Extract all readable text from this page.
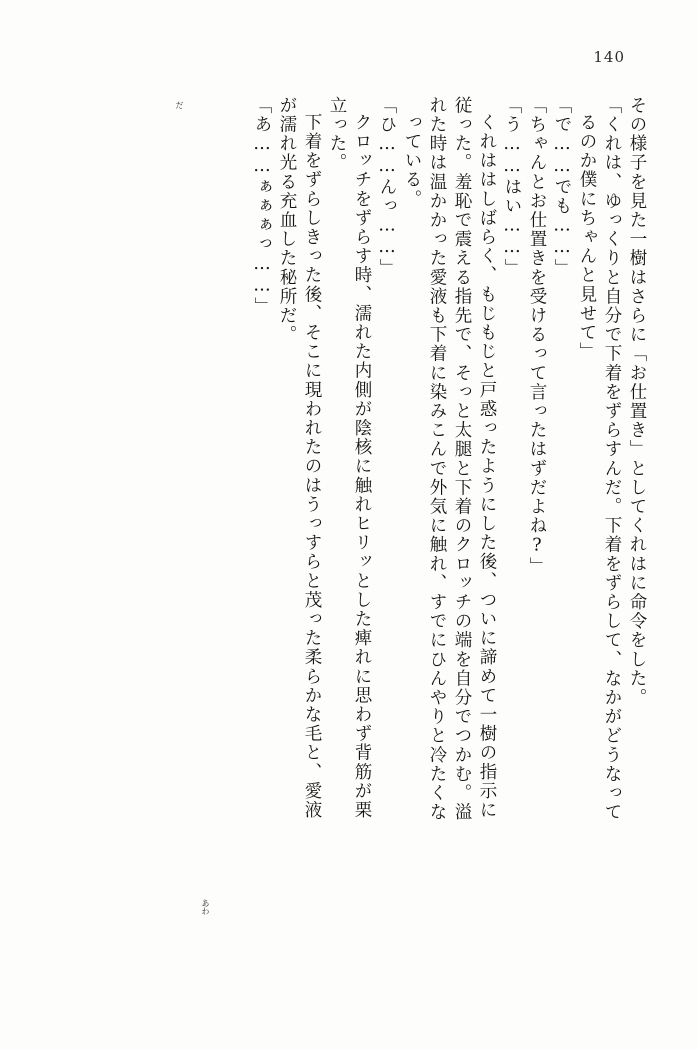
140
その様子を見た一樹はさらに「お仕置き」としてくれはに命令をした。
「くれは、ゆっくりと自分で下着をずらすんだ。下着をずらして、なかがどうなって
るのか僕にちゃんと見せて」
「で……でも……」
「ちゃんとお仕置きを受けるって言ったはずだよね?」
「う……はい……」
くれははしばらく、もじもじと戸惑ったようにした後、ついに諦めて一樹の指示に
従った。羞恥で震える指先で、そっと太腿と下着のクロッチの端を自分でつかむ。溢
れた時は温かかった愛液も下着に染みこんで外気に触れ、すでにひんやりと冷たくな
っている。
「ひ……んっ……」
クロッチをずらす時、濡れた内側が陰核に触れヒリッとした痺れに思わず背筋が栗
立った。
下着をずらしきった後、そこに現われたのはうっすらと茂った柔らかな毛と、愛液
が濡れ光る充血した秘所だ。
「あ……ぁぁぁっ……」
だ
あわ
